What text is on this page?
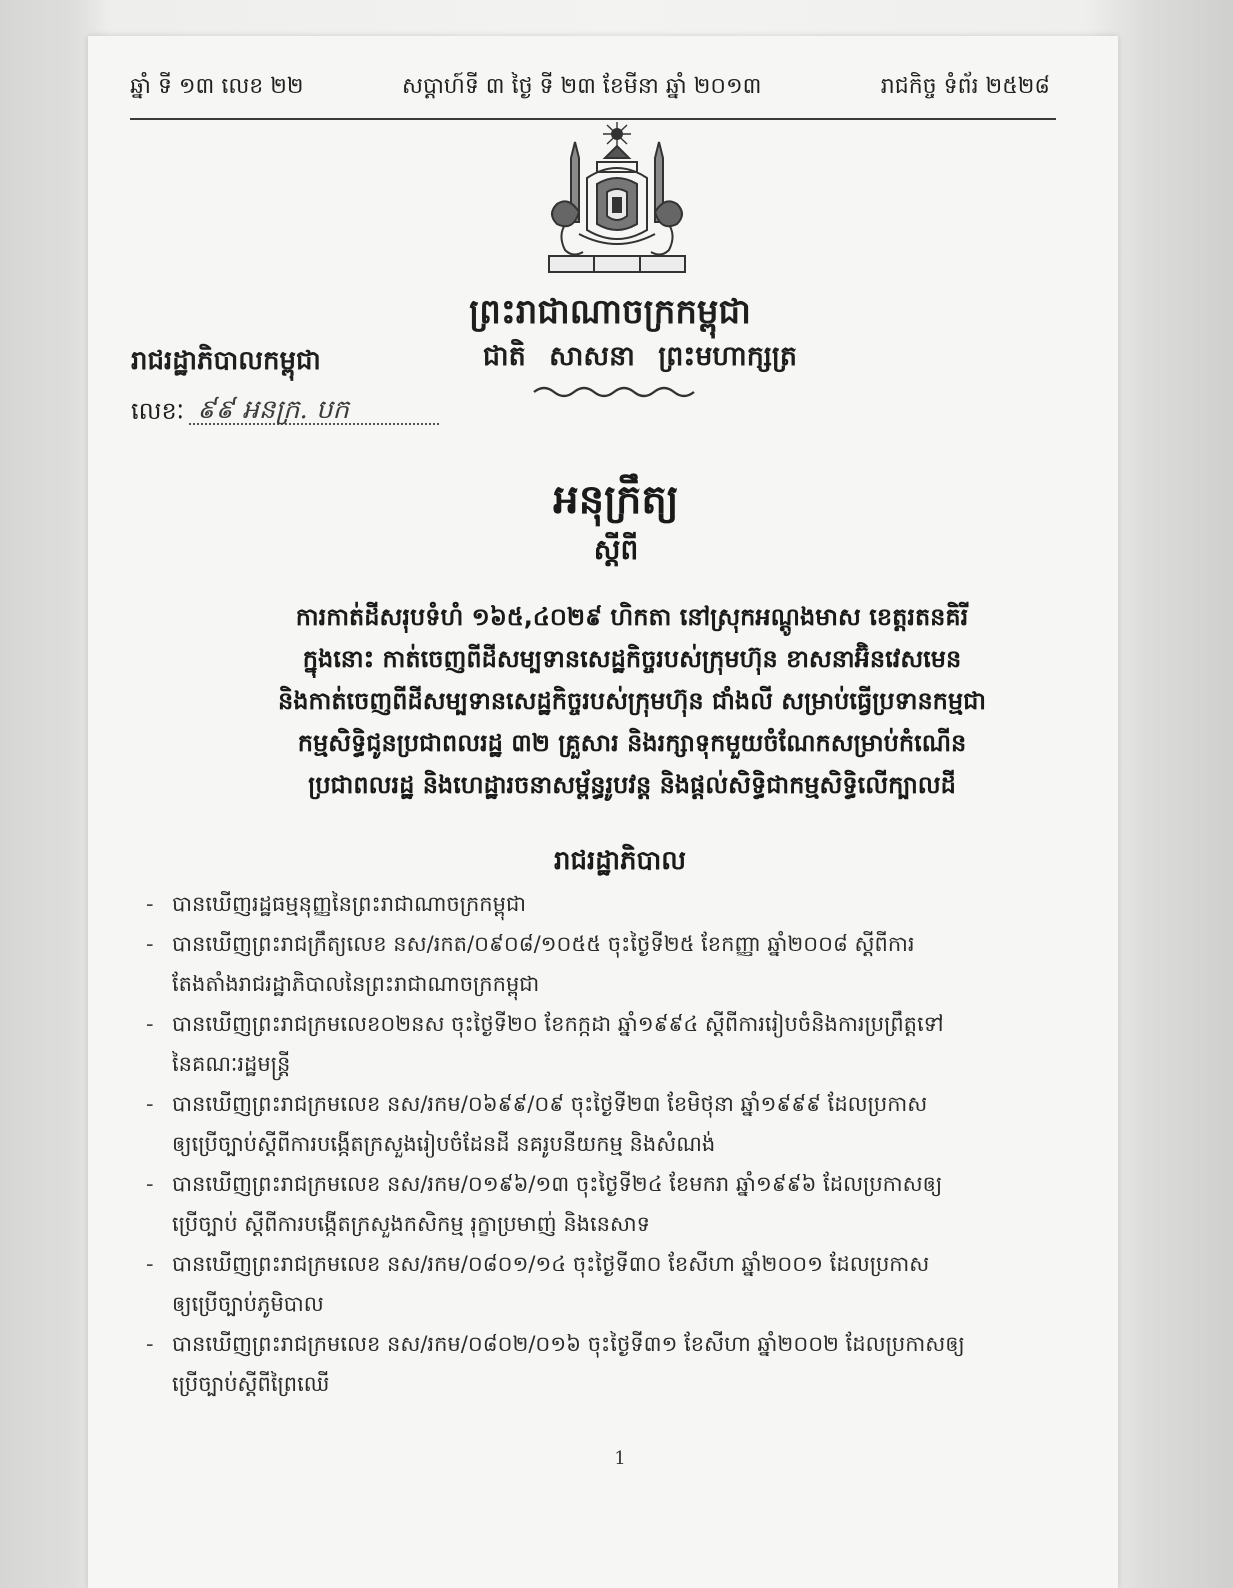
ឆ្នាំ ទី ១៣ លេខ ២២	សប្តាហ៍ទី ៣ ថ្ងៃ ទី ២៣ ខែមីនា ឆ្នាំ ២០១៣	រាជកិច្ច ទំព័រ ២៥២៨
ព្រះរាជាណាចក្រកម្ពុជា
ជាតិ សាសនា ព្រះមហាក្សត្រ
រាជរដ្ឋាភិបាលកម្ពុជា
លេខៈ ៩៩ អនក្រ. បក
អនុក្រឹត្យ
ស្តីពី
ការកាត់ដីសរុបទំហំ ១៦៥,៤០២៩ ហិកតា នៅស្រុកអណ្តូងមាស ខេត្តរតនគិរី
ក្នុងនោះ កាត់ចេញពីដីសម្បទានសេដ្ឋកិច្ចរបស់ក្រុមហ៊ុន ខាសនាអ៊ិនវេសមេន
និងកាត់ចេញពីដីសម្បទានសេដ្ឋកិច្ចរបស់ក្រុមហ៊ុន ជាំងលី សម្រាប់ធ្វើប្រទានកម្មជា
កម្មសិទ្ធិជូនប្រជាពលរដ្ឋ ៣២ គ្រួសារ និងរក្សាទុកមួយចំណែកសម្រាប់កំណើន
ប្រជាពលរដ្ឋ និងហេដ្ឋារចនាសម្ព័ន្ធរូបវន្ត និងផ្តល់សិទ្ធិជាកម្មសិទ្ធិលើក្បាលដី
រាជរដ្ឋាភិបាល
- បានឃើញរដ្ឋធម្មនុញ្ញនៃព្រះរាជាណាចក្រកម្ពុជា
- បានឃើញព្រះរាជក្រឹត្យលេខ នស/រកត/០៩០៨/១០៥៥ ចុះថ្ងៃទី២៥ ខែកញ្ញា ឆ្នាំ២០០៨ ស្តីពីការ
តែងតាំងរាជរដ្ឋាភិបាលនៃព្រះរាជាណាចក្រកម្ពុជា
- បានឃើញព្រះរាជក្រមលេខ០២នស ចុះថ្ងៃទី២០ ខែកក្កដា ឆ្នាំ១៩៩៤ ស្តីពីការរៀបចំនិងការប្រព្រឹត្តទៅ
នៃគណៈរដ្ឋមន្ត្រី
- បានឃើញព្រះរាជក្រមលេខ នស/រកម/០៦៩៩/០៩ ចុះថ្ងៃទី២៣ ខែមិថុនា ឆ្នាំ១៩៩៩ ដែលប្រកាស
ឲ្យប្រើច្បាប់ស្តីពីការបង្កើតក្រសួងរៀបចំដែនដី នគរូបនីយកម្ម និងសំណង់
- បានឃើញព្រះរាជក្រមលេខ នស/រកម/០១៩៦/១៣ ចុះថ្ងៃទី២៤ ខែមករា ឆ្នាំ១៩៩៦ ដែលប្រកាសឲ្យ
ប្រើច្បាប់ ស្តីពីការបង្កើតក្រសួងកសិកម្ម រុក្ខាប្រមាញ់ និងនេសាទ
- បានឃើញព្រះរាជក្រមលេខ នស/រកម/០៨០១/១៤ ចុះថ្ងៃទី៣០ ខែសីហា ឆ្នាំ២០០១ ដែលប្រកាស
ឲ្យប្រើច្បាប់ភូមិបាល
- បានឃើញព្រះរាជក្រមលេខ នស/រកម/០៨០២/០១៦ ចុះថ្ងៃទី៣១ ខែសីហា ឆ្នាំ២០០២ ដែលប្រកាសឲ្យ
ប្រើច្បាប់ស្តីពីព្រៃឈើ
1
